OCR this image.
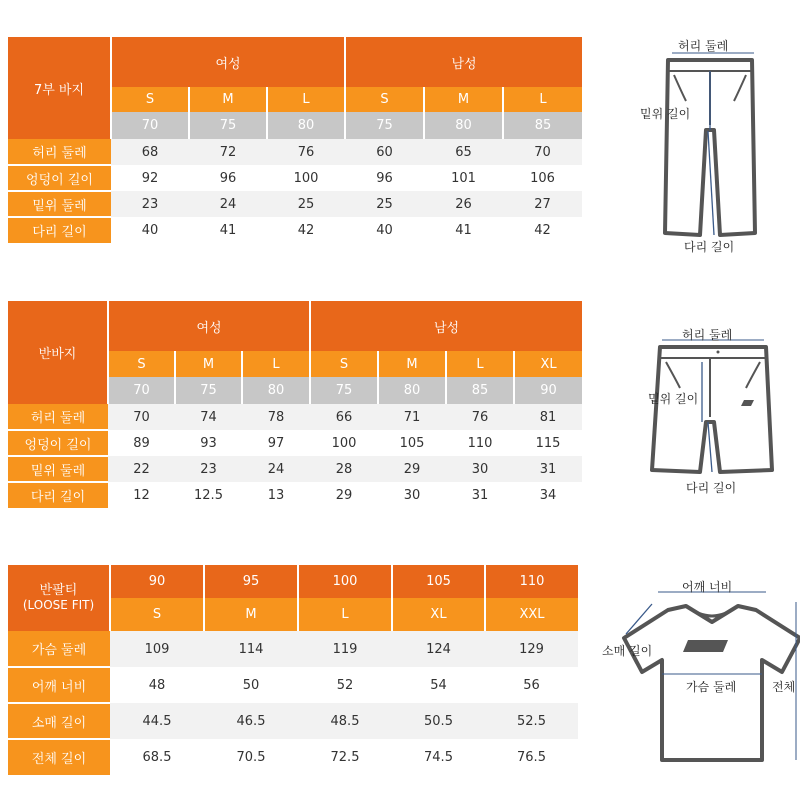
7부 바지	여성			남성		
	S	M	L	S	M	L
	70	75	80	75	80	85
허리 둘레	68	72	76	60	65	70
엉덩이 길이	92	96	100	96	101	106
밑위 둘레	23	24	25	25	26	27
다리 길이	40	41	42	40	41	42
허리 둘레
밑위 길이
다리 길이
반바지	여성			남성			
	S	M	L	S	M	L	XL
	70	75	80	75	80	85	90
허리 둘레	70	74	78	66	71	76	81
엉덩이 길이	89	93	97	100	105	110	115
밑위 둘레	22	23	24	28	29	30	31
다리 길이	12	12.5	13	29	30	31	34
허리 둘레
밑위 길이
다리 길이
반팔티
(LOOSE FIT)	90	95	100	105	110
	S	M	L	XL	XXL
가슴 둘레	109	114	119	124	129
어깨 너비	48	50	52	54	56
소매 길이	44.5	46.5	48.5	50.5	52.5
전체 길이	68.5	70.5	72.5	74.5	76.5
어깨 너비
소매 길이
가슴 둘레	전체
